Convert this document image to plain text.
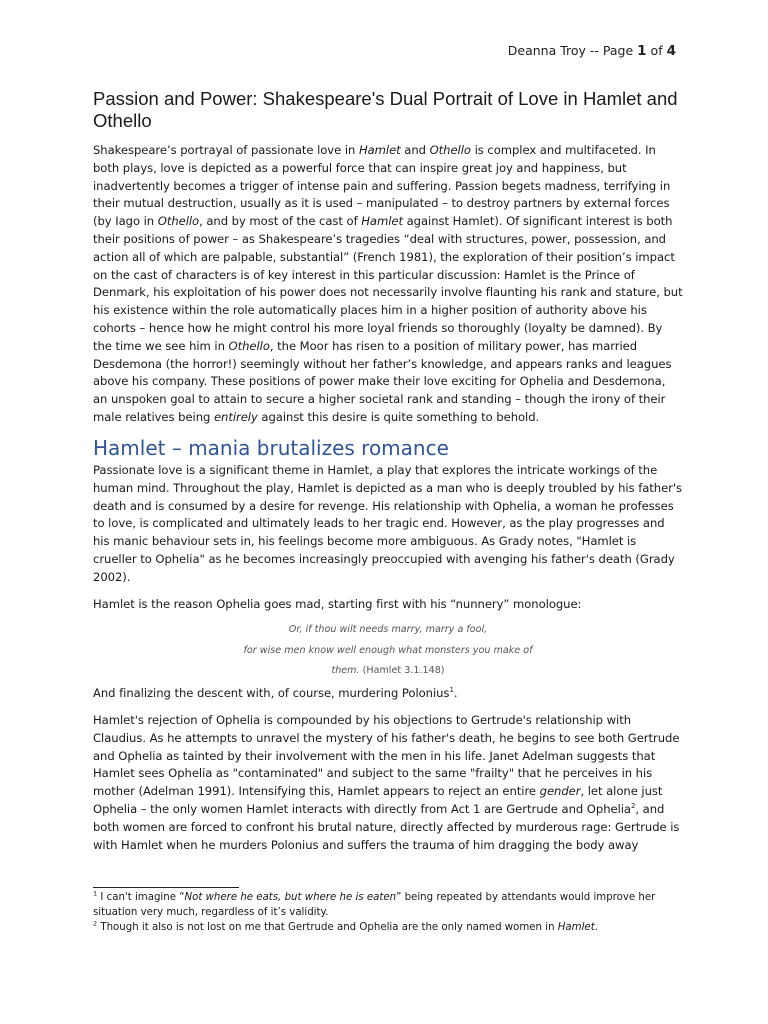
Deanna Troy -- Page 1 of 4
Passion and Power: Shakespeare's Dual Portrait of Love in Hamlet and Othello

Shakespeare’s portrayal of passionate love in Hamlet and Othello is complex and multifaceted. In both plays, love is depicted as a powerful force that can inspire great joy and happiness, but inadvertently becomes a trigger of intense pain and suffering. Passion begets madness, terrifying in their mutual destruction, usually as it is used – manipulated – to destroy partners by external forces (by Iago in Othello, and by most of the cast of Hamlet against Hamlet). Of significant interest is both their positions of power – as Shakespeare’s tragedies “deal with structures, power, possession, and action all of which are palpable, substantial” (French 1981), the exploration of their position’s impact on the cast of characters is of key interest in this particular discussion: Hamlet is the Prince of Denmark, his exploitation of his power does not necessarily involve flaunting his rank and stature, but his existence within the role automatically places him in a higher position of authority above his cohorts – hence how he might control his more loyal friends so thoroughly (loyalty be damned). By the time we see him in Othello, the Moor has risen to a position of military power, has married Desdemona (the horror!) seemingly without her father’s knowledge, and appears ranks and leagues above his company. These positions of power make their love exciting for Ophelia and Desdemona, an unspoken goal to attain to secure a higher societal rank and standing – though the irony of their male relatives being entirely against this desire is quite something to behold.

Hamlet – mania brutalizes romance

Passionate love is a significant theme in Hamlet, a play that explores the intricate workings of the human mind. Throughout the play, Hamlet is depicted as a man who is deeply troubled by his father's death and is consumed by a desire for revenge. His relationship with Ophelia, a woman he professes to love, is complicated and ultimately leads to her tragic end. However, as the play progresses and his manic behaviour sets in, his feelings become more ambiguous. As Grady notes, "Hamlet is crueller to Ophelia" as he becomes increasingly preoccupied with avenging his father's death (Grady 2002).

Hamlet is the reason Ophelia goes mad, starting first with his “nunnery” monologue:

Or, if thou wilt needs marry, marry a fool,
for wise men know well enough what monsters you make of
them. (Hamlet 3.1.148)

And finalizing the descent with, of course, murdering Polonius$^1$.

Hamlet's rejection of Ophelia is compounded by his objections to Gertrude's relationship with Claudius. As he attempts to unravel the mystery of his father's death, he begins to see both Gertrude and Ophelia as tainted by their involvement with the men in his life. Janet Adelman suggests that Hamlet sees Ophelia as "contaminated" and subject to the same "frailty" that he perceives in his mother (Adelman 1991). Intensifying this, Hamlet appears to reject an entire gender, let alone just Ophelia – the only women Hamlet interacts with directly from Act 1 are Gertrude and Ophelia$^2$, and both women are forced to confront his brutal nature, directly affected by murderous rage: Gertrude is with Hamlet when he murders Polonius and suffers the trauma of him dragging the body away

$^1$ I can't imagine “Not where he eats, but where he is eaten” being repeated by attendants would improve her situation very much, regardless of it’s validity.

$^2$ Though it also is not lost on me that Gertrude and Ophelia are the only named women in Hamlet.
